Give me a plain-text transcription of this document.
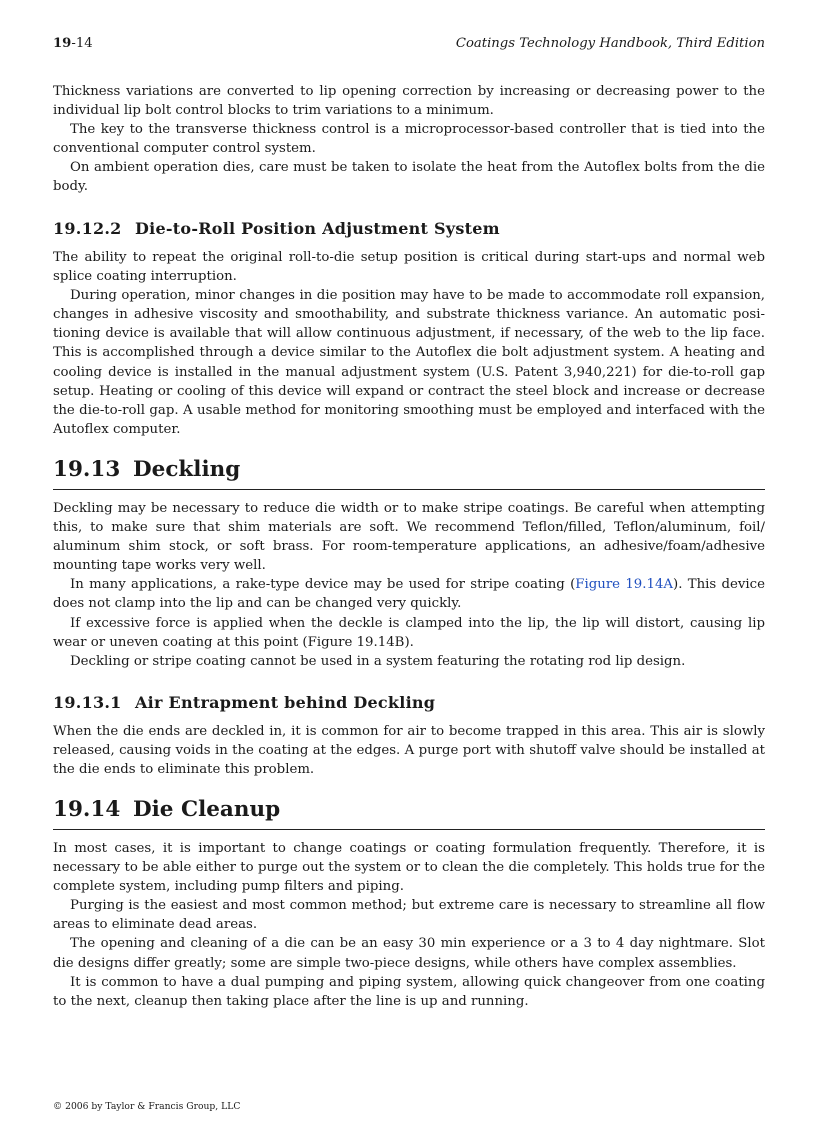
19-14	Coatings Technology Handbook, Third Edition

Thickness variations are converted to lip opening correction by increasing or decreasing power to the individual lip bolt control blocks to trim variations to a minimum.

The key to the transverse thickness control is a microprocessor-based controller that is tied into the conventional computer control system.

On ambient operation dies, care must be taken to isolate the heat from the Autoflex bolts from the die body.

19.12.2 Die-to-Roll Position Adjustment System

The ability to repeat the original roll-to-die setup position is critical during start-ups and normal web splice coating interruption.

During operation, minor changes in die position may have to be made to accommodate roll expansion, changes in adhesive viscosity and smoothability, and substrate thickness variance. An automatic positioning device is available that will allow continuous adjustment, if necessary, of the web to the lip face. This is accomplished through a device similar to the Autoflex die bolt adjustment system. A heating and cooling device is installed in the manual adjustment system (U.S. Patent 3,940,221) for die-to-roll gap setup. Heating or cooling of this device will expand or contract the steel block and increase or decrease the die-to-roll gap. A usable method for monitoring smoothing must be employed and interfaced with the Autoflex computer.

19.13 Deckling

Deckling may be necessary to reduce die width or to make stripe coatings. Be careful when attempting this, to make sure that shim materials are soft. We recommend Teflon/filled, Teflon/aluminum, foil/ aluminum shim stock, or soft brass. For room-temperature applications, an adhesive/foam/adhesive mounting tape works very well.

In many applications, a rake-type device may be used for stripe coating (Figure 19.14A). This device does not clamp into the lip and can be changed very quickly.

If excessive force is applied when the deckle is clamped into the lip, the lip will distort, causing lip wear or uneven coating at this point (Figure 19.14B).

Deckling or stripe coating cannot be used in a system featuring the rotating rod lip design.

19.13.1 Air Entrapment behind Deckling

When the die ends are deckled in, it is common for air to become trapped in this area. This air is slowly released, causing voids in the coating at the edges. A purge port with shutoff valve should be installed at the die ends to eliminate this problem.

19.14 Die Cleanup

In most cases, it is important to change coatings or coating formulation frequently. Therefore, it is necessary to be able either to purge out the system or to clean the die completely. This holds true for the complete system, including pump filters and piping.

Purging is the easiest and most common method; but extreme care is necessary to streamline all flow areas to eliminate dead areas.

The opening and cleaning of a die can be an easy 30 min experience or a 3 to 4 day nightmare. Slot die designs differ greatly; some are simple two-piece designs, while others have complex assemblies.

It is common to have a dual pumping and piping system, allowing quick changeover from one coating to the next, cleanup then taking place after the line is up and running.

© 2006 by Taylor & Francis Group, LLC
